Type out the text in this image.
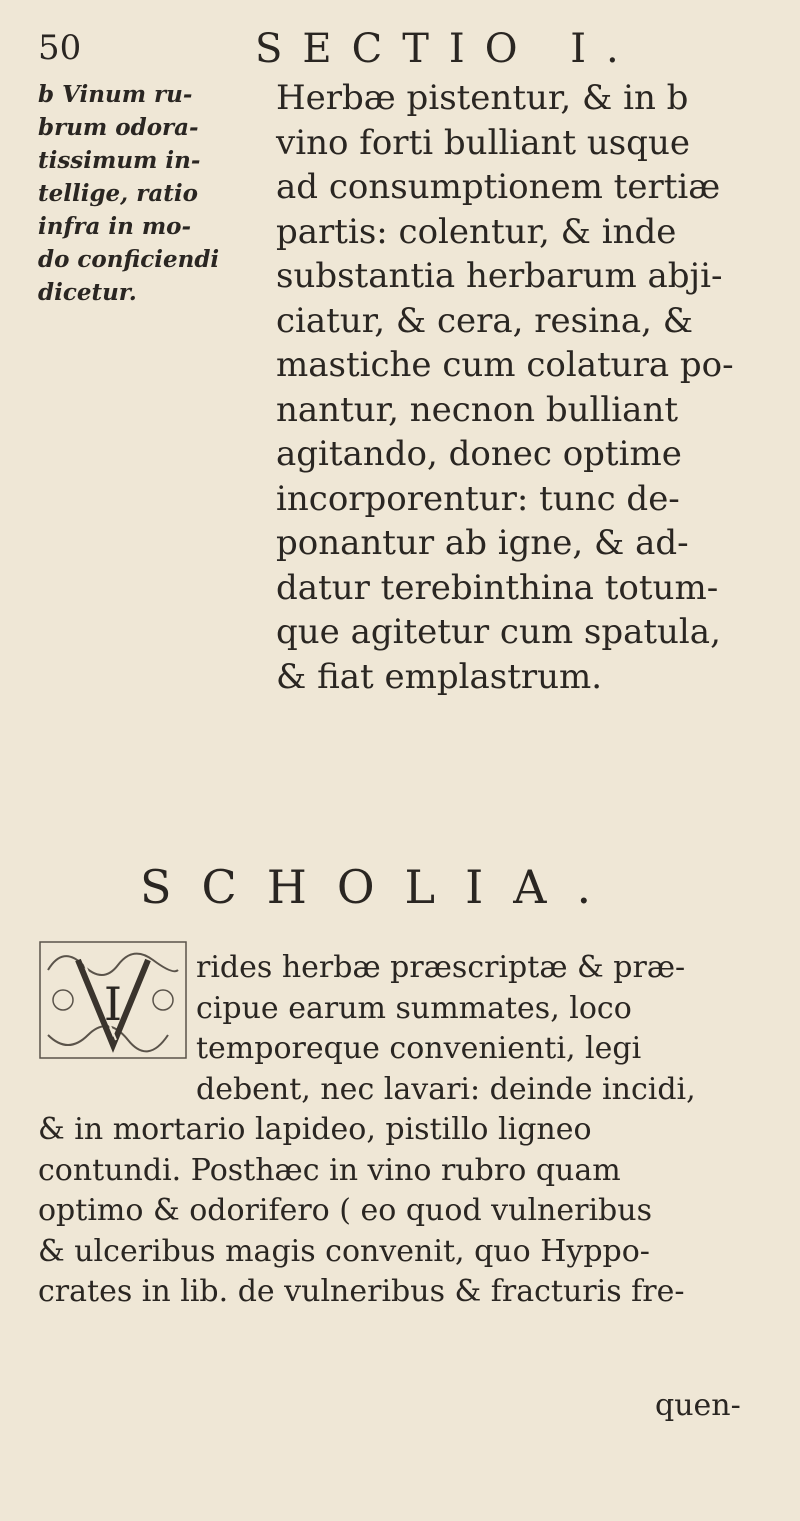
50	SECTIO I.
b Vinum ru-
brum odora-
tissimum in-
tellige, ratio
infra in mo-
do conficiendi
dicetur.
Herbæ pistentur, & in b
vino forti bulliant usque
ad consumptionem tertiæ
partis: colentur, & inde
substantia herbarum abji-
ciatur, & cera, resina, &
mastiche cum colatura po-
nantur, necnon bulliant
agitando, donec optime
incorporentur: tunc de-
ponantur ab igne, & ad-
datur terebinthina totum-
que agitetur cum spatula,
& fiat emplastrum.
SCHOLIA.
I
rides herbæ præscriptæ & præ-
cipue earum summates, loco
temporeque convenienti, legi
debent, nec lavari: deinde incidi,
& in mortario lapideo, pistillo ligneo
contundi. Posthæc in vino rubro quam
optimo & odorifero ( eo quod vulneribus
& ulceribus magis convenit, quo Hyppo-
crates in lib. de vulneribus & fracturis fre-
quen-
